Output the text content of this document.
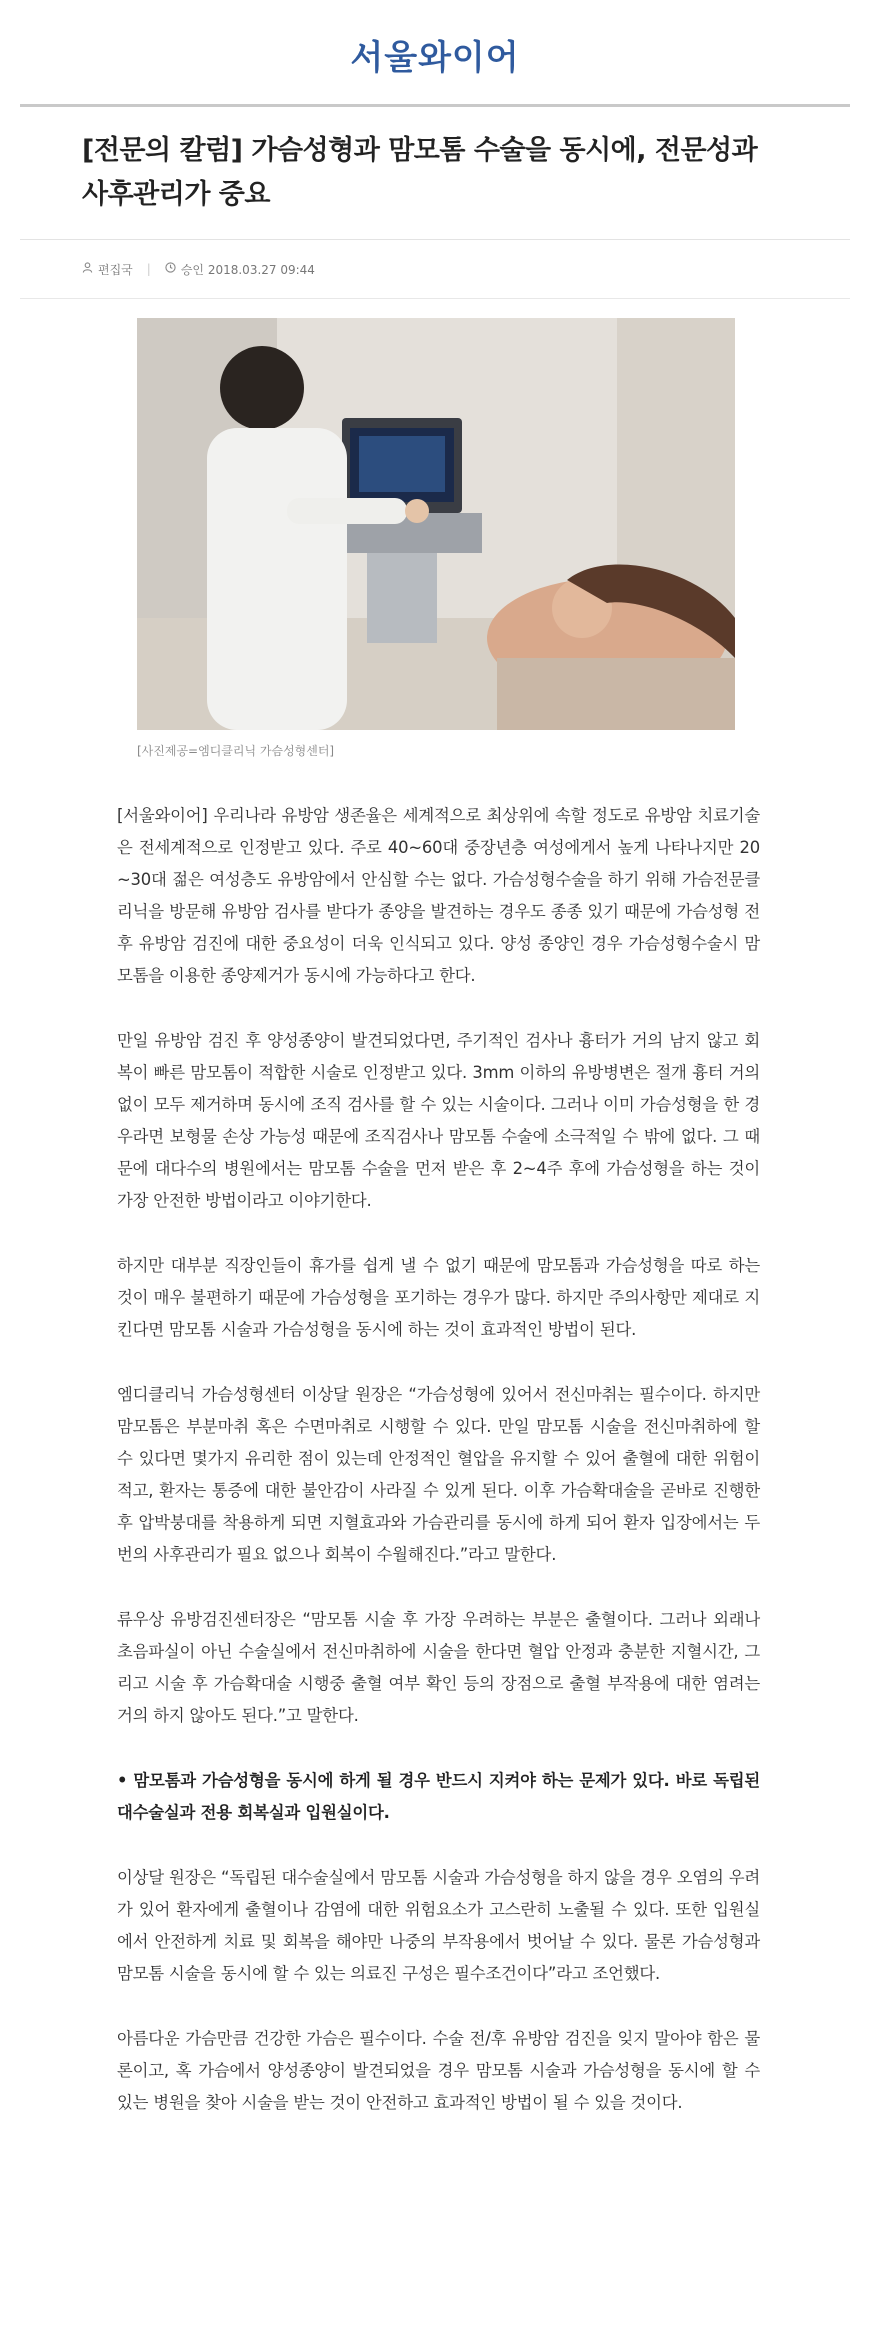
서울와이어
[전문의 칼럼] 가슴성형과 맘모톰 수술을 동시에, 전문성과 사후관리가 중요
편집국 |	승인 2018.03.27 09:44
[사진제공=엠디클리닉 가슴성형센터]

[서울와이어] 우리나라 유방암 생존율은 세계적으로 최상위에 속할 정도로 유방암 치료기술은 전세계적으로 인정받고 있다. 주로 40~60대 중장년층 여성에게서 높게 나타나지만 20~30대 젊은 여성층도 유방암에서 안심할 수는 없다. 가슴성형수술을 하기 위해 가슴전문클리닉을 방문해 유방암 검사를 받다가 종양을 발견하는 경우도 종종 있기 때문에 가슴성형 전후 유방암 검진에 대한 중요성이 더욱 인식되고 있다. 양성 종양인 경우 가슴성형수술시 맘모톰을 이용한 종양제거가 동시에 가능하다고 한다.

만일 유방암 검진 후 양성종양이 발견되었다면, 주기적인 검사나 흉터가 거의 남지 않고 회복이 빠른 맘모톰이 적합한 시술로 인정받고 있다. 3mm 이하의 유방병변은 절개 흉터 거의 없이 모두 제거하며 동시에 조직 검사를 할 수 있는 시술이다. 그러나 이미 가슴성형을 한 경우라면 보형물 손상 가능성 때문에 조직검사나 맘모톰 수술에 소극적일 수 밖에 없다. 그 때문에 대다수의 병원에서는 맘모톰 수술을 먼저 받은 후 2~4주 후에 가슴성형을 하는 것이 가장 안전한 방법이라고 이야기한다.

하지만 대부분 직장인들이 휴가를 쉽게 낼 수 없기 때문에 맘모톰과 가슴성형을 따로 하는 것이 매우 불편하기 때문에 가슴성형을 포기하는 경우가 많다. 하지만 주의사항만 제대로 지킨다면 맘모톰 시술과 가슴성형을 동시에 하는 것이 효과적인 방법이 된다.

엠디클리닉 가슴성형센터 이상달 원장은 “가슴성형에 있어서 전신마취는 필수이다. 하지만 맘모톰은 부분마취 혹은 수면마취로 시행할 수 있다. 만일 맘모톰 시술을 전신마취하에 할 수 있다면 몇가지 유리한 점이 있는데 안정적인 혈압을 유지할 수 있어 출혈에 대한 위험이 적고, 환자는 통증에 대한 불안감이 사라질 수 있게 된다. 이후 가슴확대술을 곧바로 진행한 후 압박붕대를 착용하게 되면 지혈효과와 가슴관리를 동시에 하게 되어 환자 입장에서는 두 번의 사후관리가 필요 없으나 회복이 수월해진다.”라고 말한다.

류우상 유방검진센터장은 “맘모톰 시술 후 가장 우려하는 부분은 출혈이다. 그러나 외래나 초음파실이 아닌 수술실에서 전신마취하에 시술을 한다면 혈압 안정과 충분한 지혈시간, 그리고 시술 후 가슴확대술 시행중 출혈 여부 확인 등의 장점으로 출혈 부작용에 대한 염려는 거의 하지 않아도 된다.”고 말한다.

• 맘모톰과 가슴성형을 동시에 하게 될 경우 반드시 지켜야 하는 문제가 있다. 바로 독립된 대수술실과 전용 회복실과 입원실이다.

이상달 원장은 “독립된 대수술실에서 맘모톰 시술과 가슴성형을 하지 않을 경우 오염의 우려가 있어 환자에게 출혈이나 감염에 대한 위험요소가 고스란히 노출될 수 있다. 또한 입원실에서 안전하게 치료 및 회복을 해야만 나중의 부작용에서 벗어날 수 있다. 물론 가슴성형과 맘모톰 시술을 동시에 할 수 있는 의료진 구성은 필수조건이다”라고 조언했다.

아름다운 가슴만큼 건강한 가슴은 필수이다. 수술 전/후 유방암 검진을 잊지 말아야 함은 물론이고, 혹 가슴에서 양성종양이 발견되었을 경우 맘모톰 시술과 가슴성형을 동시에 할 수 있는 병원을 찾아 시술을 받는 것이 안전하고 효과적인 방법이 될 수 있을 것이다.
